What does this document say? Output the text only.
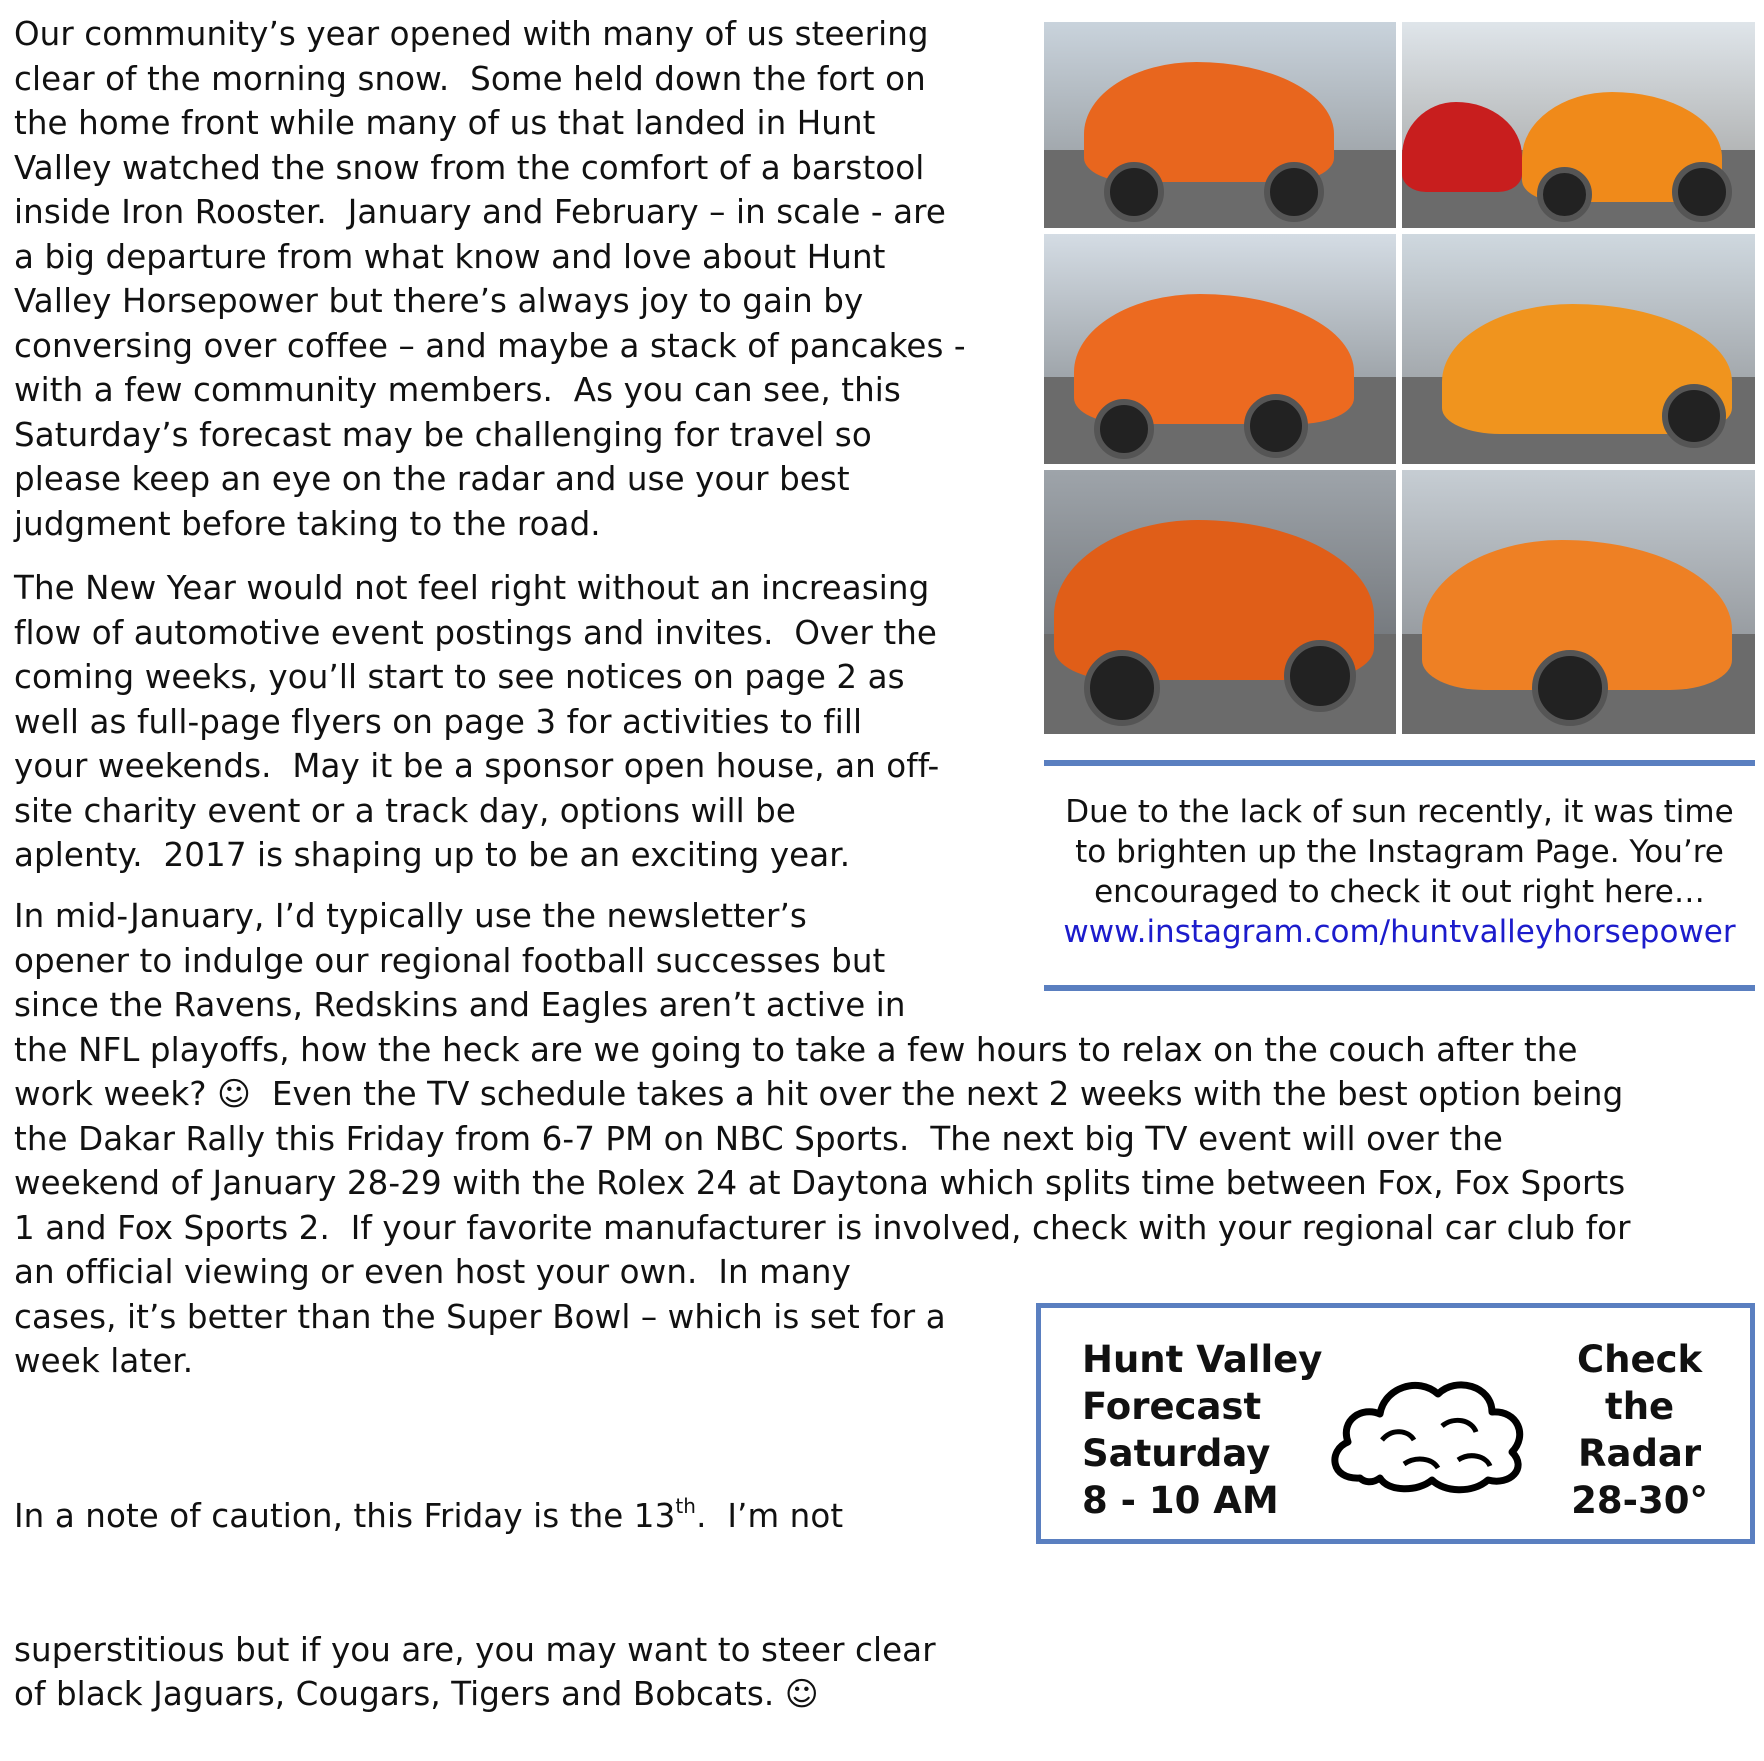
Our community’s year opened with many of us steering
clear of the morning snow.  Some held down the fort on
the home front while many of us that landed in Hunt
Valley watched the snow from the comfort of a barstool
inside Iron Rooster.  January and February – in scale - are
a big departure from what know and love about Hunt
Valley Horsepower but there’s always joy to gain by
conversing over coffee – and maybe a stack of pancakes -
with a few community members.  As you can see, this
Saturday’s forecast may be challenging for travel so
please keep an eye on the radar and use your best
judgment before taking to the road.
The New Year would not feel right without an increasing
flow of automotive event postings and invites.  Over the
coming weeks, you’ll start to see notices on page 2 as
well as full-page flyers on page 3 for activities to fill
your weekends.  May it be a sponsor open house, an off-
site charity event or a track day, options will be
aplenty.  2017 is shaping up to be an exciting year.
In mid-January, I’d typically use the newsletter’s
opener to indulge our regional football successes but
since the Ravens, Redskins and Eagles aren’t active in
the NFL playoffs, how the heck are we going to take a few hours to relax on the couch after the
work week? ☺  Even the TV schedule takes a hit over the next 2 weeks with the best option being
the Dakar Rally this Friday from 6-7 PM on NBC Sports.  The next big TV event will over the
weekend of January 28-29 with the Rolex 24 at Daytona which splits time between Fox, Fox Sports
1 and Fox Sports 2.  If your favorite manufacturer is involved, check with your regional car club for
an official viewing or even host your own.  In many
cases, it’s better than the Super Bowl – which is set for a
week later.

In a note of caution, this Friday is the 13th.  I’m not

superstitious but if you are, you may want to steer clear
of black Jaguars, Cougars, Tigers and Bobcats. ☺

Due to the lack of sun recently, it was time

to brighten up the Instagram Page. You’re

encouraged to check it out right here…

www.instagram.com/huntvalleyhorsepower
Hunt Valley
Forecast
Saturday
8 - 10 AM
Check
the
Radar
28-30°
